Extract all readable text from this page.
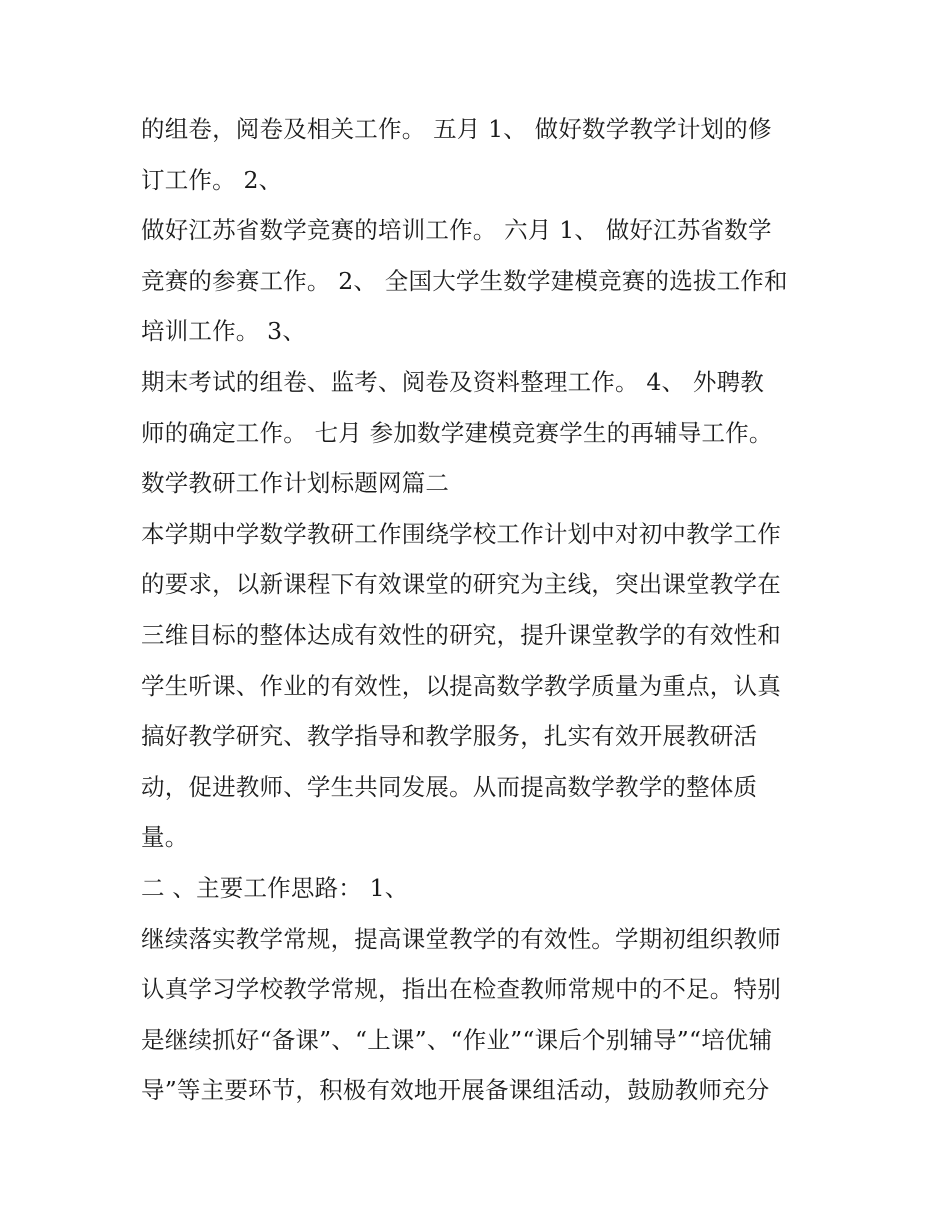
的组卷，阅卷及相关工作。 五月 1、 做好数学教学计划的修
订工作。 2、
做好江苏省数学竞赛的培训工作。 六月 1、 做好江苏省数学
竞赛的参赛工作。 2、 全国大学生数学建模竞赛的选拔工作和
培训工作。 3、
期末考试的组卷、监考、阅卷及资料整理工作。 4、 外聘教
师的确定工作。 七月 参加数学建模竞赛学生的再辅导工作。
数学教研工作计划标题网篇二
本学期中学数学教研工作围绕学校工作计划中对初中教学工作
的要求，以新课程下有效课堂的研究为主线，突出课堂教学在
三维目标的整体达成有效性的研究，提升课堂教学的有效性和
学生听课、作业的有效性，以提高数学教学质量为重点，认真
搞好教学研究、教学指导和教学服务，扎实有效开展教研活
动，促进教师、学生共同发展。从而提高数学教学的整体质
量。
二 、主要工作思路： 1、
继续落实教学常规，提高课堂教学的有效性。学期初组织教师
认真学习学校教学常规，指出在检查教师常规中的不足。特别
是继续抓好“备课”、“上课”、“作业”“课后个别辅导”“培优辅
导”等主要环节，积极有效地开展备课组活动，鼓励教师充分
